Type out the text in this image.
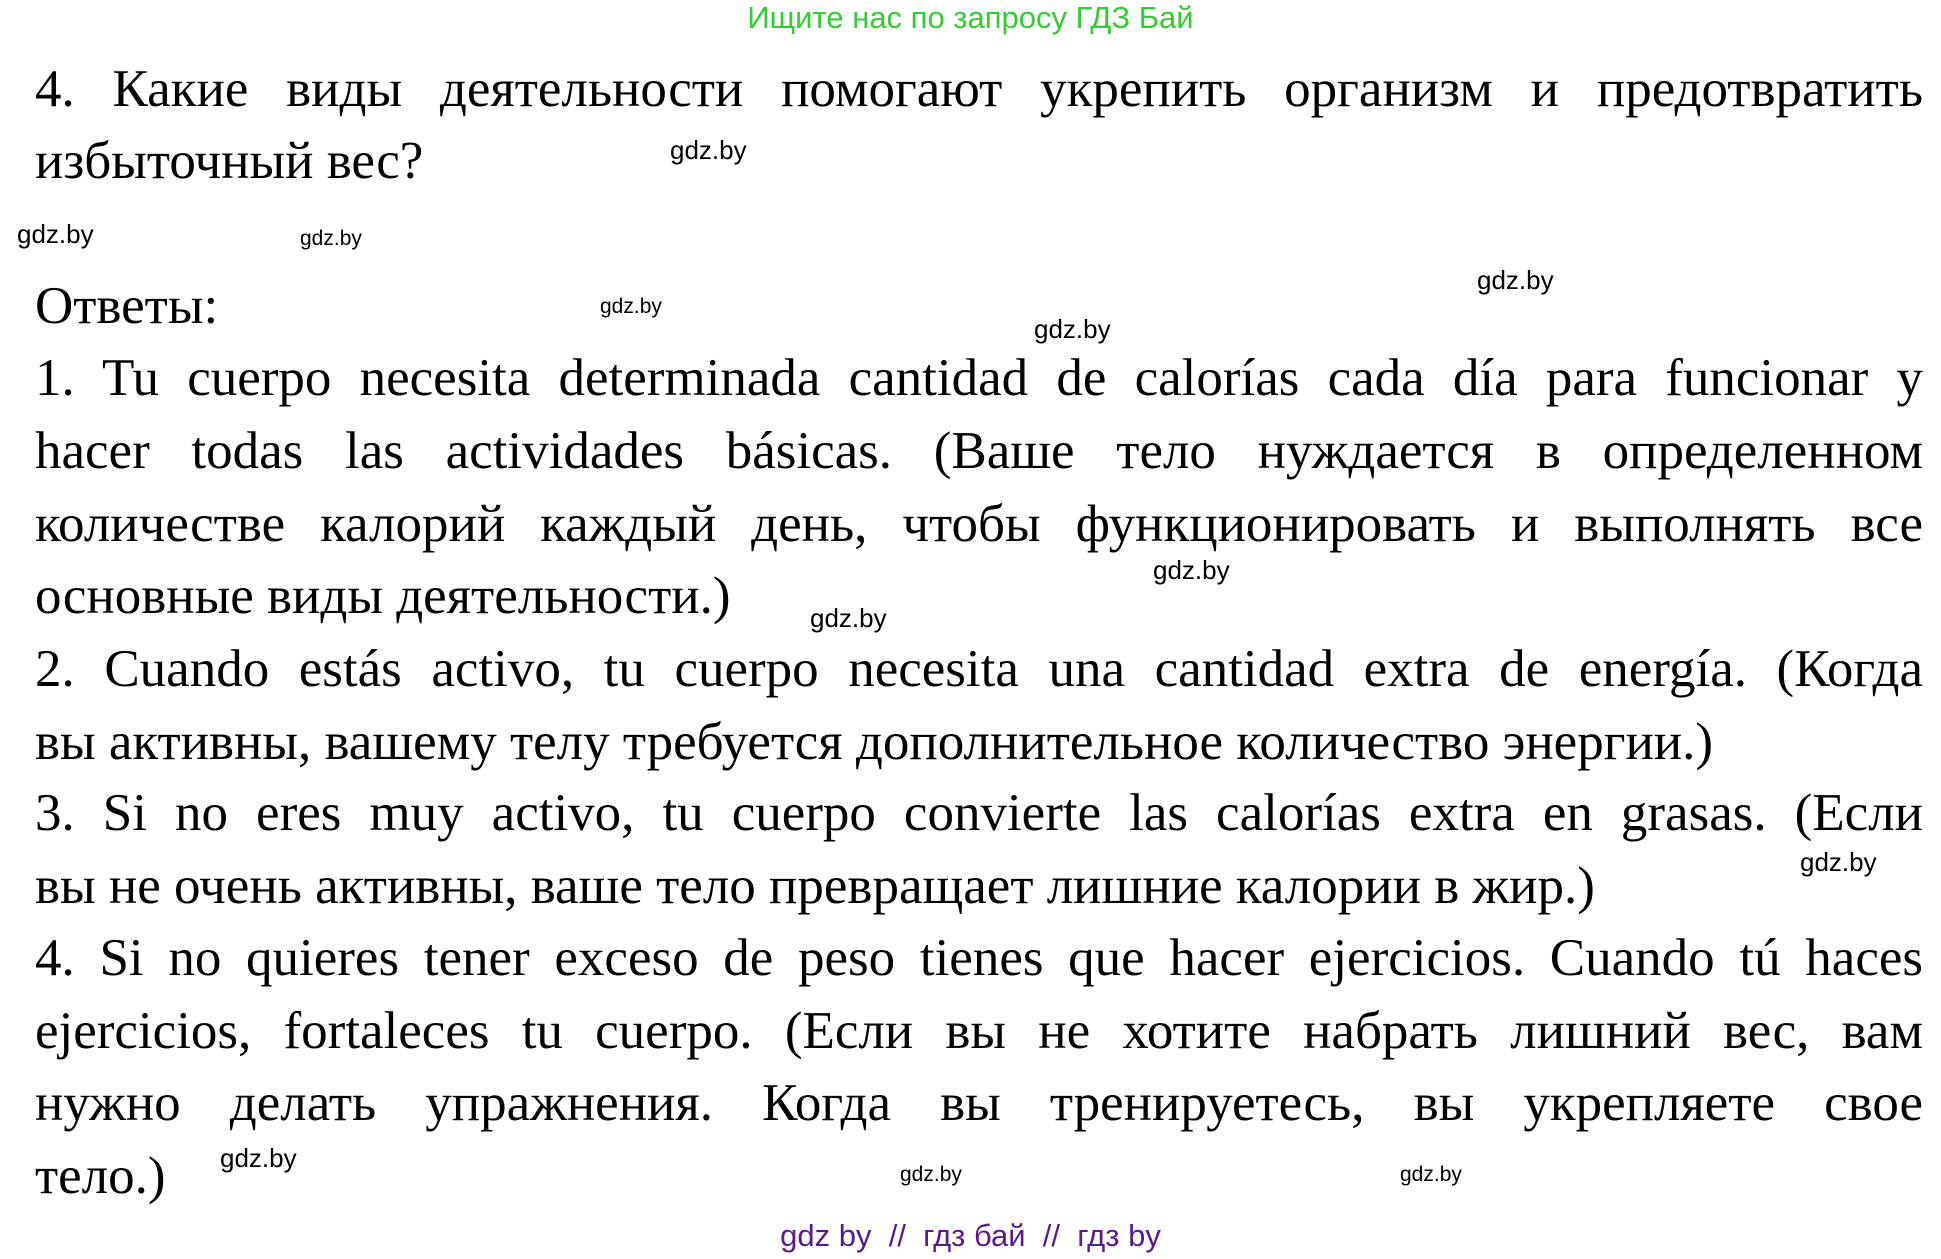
Ищите нас по запросу ГДЗ Бай
4. Какие виды деятельности помогают укрепить организм и предотвратить
избыточный вес?
Ответы:
1. Tu cuerpo necesita determinada cantidad de calorías cada día para funcionar y
hacer todas las actividades básicas. (Ваше тело нуждается в определенном
количестве калорий каждый день, чтобы функционировать и выполнять все
основные виды деятельности.)
2. Cuando estás activo, tu cuerpo necesita una cantidad extra de energía. (Когда
вы активны, вашему телу требуется дополнительное количество энергии.)
3. Si no eres muy activo, tu cuerpo convierte las calorías extra en grasas. (Если
вы не очень активны, ваше тело превращает лишние калории в жир.)
4. Si no quieres tener exceso de peso tienes que hacer ejercicios. Cuando tú haces
ejercicios, fortaleces tu cuerpo. (Если вы не хотите набрать лишний вес, вам
нужно делать упражнения. Когда вы тренируетесь, вы укрепляете свое
тело.)
gdz.by
gdz.by
gdz.by
gdz.by
gdz.by
gdz.by
gdz.by
gdz.by
gdz.by
gdz.by	gdz.by
gdz.by
gdz by  //  гдз бай  //  гдз by
